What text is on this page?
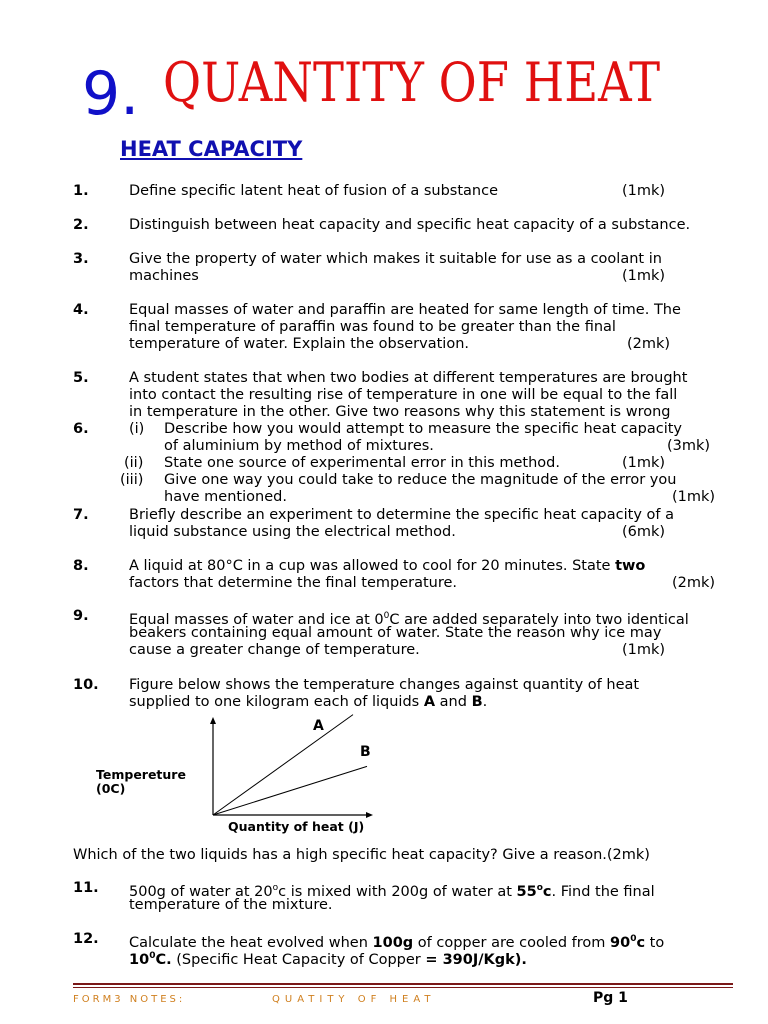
9. QUANTITY OF HEAT
HEAT CAPACITY
1.	Define specific latent heat of fusion of a substance	(1mk)
2.	Distinguish between heat capacity and specific heat capacity of a substance.
3.	Give the property of water which makes it suitable for use as a coolant in
machines	(1mk)
4.	Equal masses of water and paraffin are heated for same length of time. The
final temperature of paraffin was found to be greater than the final
temperature of water. Explain the observation.	(2mk)
5.	A student states that when two bodies at different temperatures are brought
into contact the resulting rise of temperature in one will be equal to the fall
in temperature in the other. Give two reasons why this statement is wrong
6.	(i) Describe how you would attempt to measure the specific heat capacity
of aluminium by method of mixtures.	(3mk)
(ii) State one source of experimental error in this method.	(1mk)
(iii) Give one way you could take to reduce the magnitude of the error you
have mentioned.	(1mk)
7.	Briefly describe an experiment to determine the specific heat capacity of a
liquid substance using the electrical method.	(6mk)
8.	A liquid at 80°C in a cup was allowed to cool for 20 minutes. State two
factors that determine the final temperature.	(2mk)
9.	Equal masses of water and ice at $0^0C$ are added separately into two identical
beakers containing equal amount of water. State the reason why ice may
cause a greater change of temperature.	(1mk)
10. Figure below shows the temperature changes against quantity of heat
supplied to one kilogram each of liquids A and B.
A
B
Tempereture
(0C)
Quantity of heat (J)
Which of the two liquids has a high specific heat capacity? Give a reason.(2mk)
11. 500g of water at 20$^o$c is mixed with 200g of water at 55$^o$c. Find the final
temperature of the mixture.
12. Calculate the heat evolved when 100g of copper are cooled from $90^0c$ to
$10^0C$. (Specific Heat Capacity of Copper = 390J/Kgk).
FORM3 NOTES:	QUATITY OF HEAT	Pg 1
